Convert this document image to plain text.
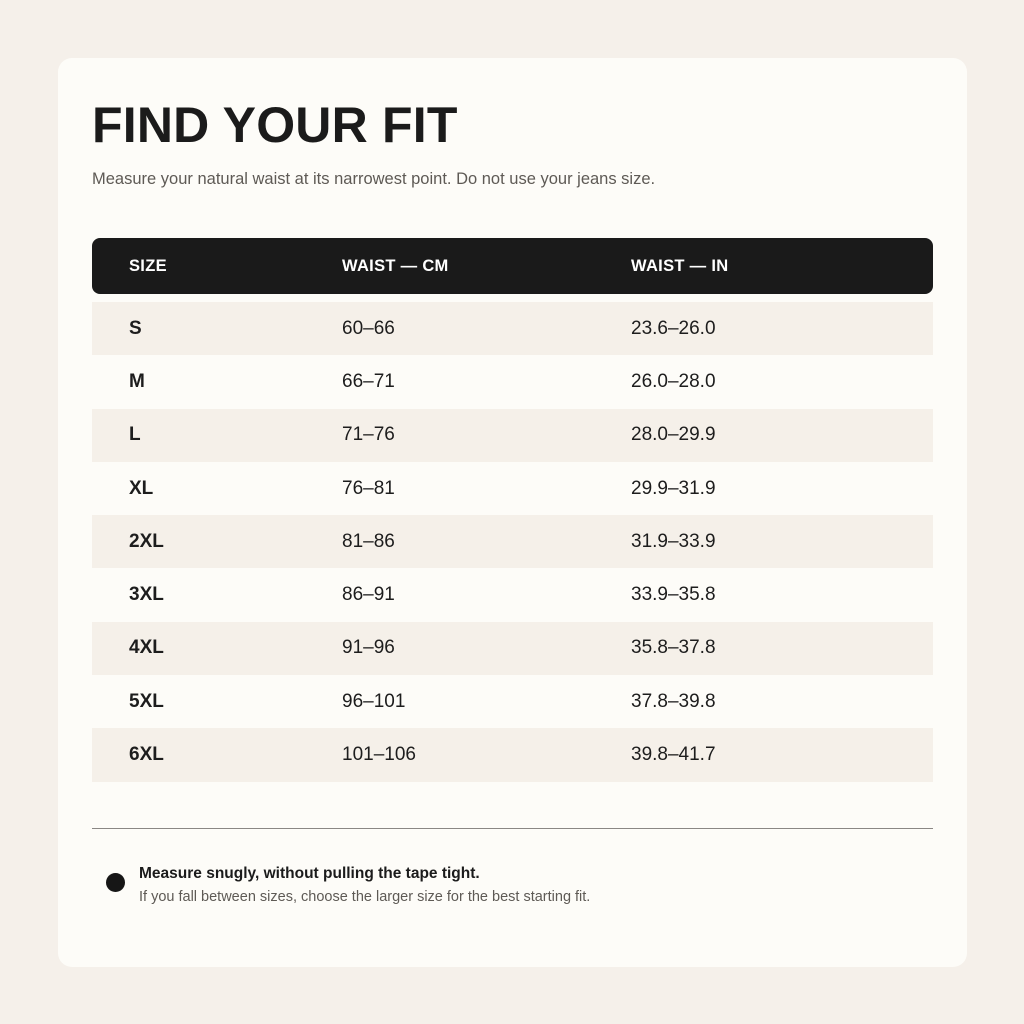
FIND YOUR FIT

Measure your natural waist at its narrowest point. Do not use your jeans size.

SIZE	WAIST — CM	WAIST — IN
S	60–66	23.6–26.0
M	66–71	26.0–28.0
L	71–76	28.0–29.9
XL	76–81	29.9–31.9
2XL	81–86	31.9–33.9
3XL	86–91	33.9–35.8
4XL	91–96	35.8–37.8
5XL	96–101	37.8–39.8
6XL	101–106	39.8–41.7
Measure snugly, without pulling the tape tight.
If you fall between sizes, choose the larger size for the best starting fit.
